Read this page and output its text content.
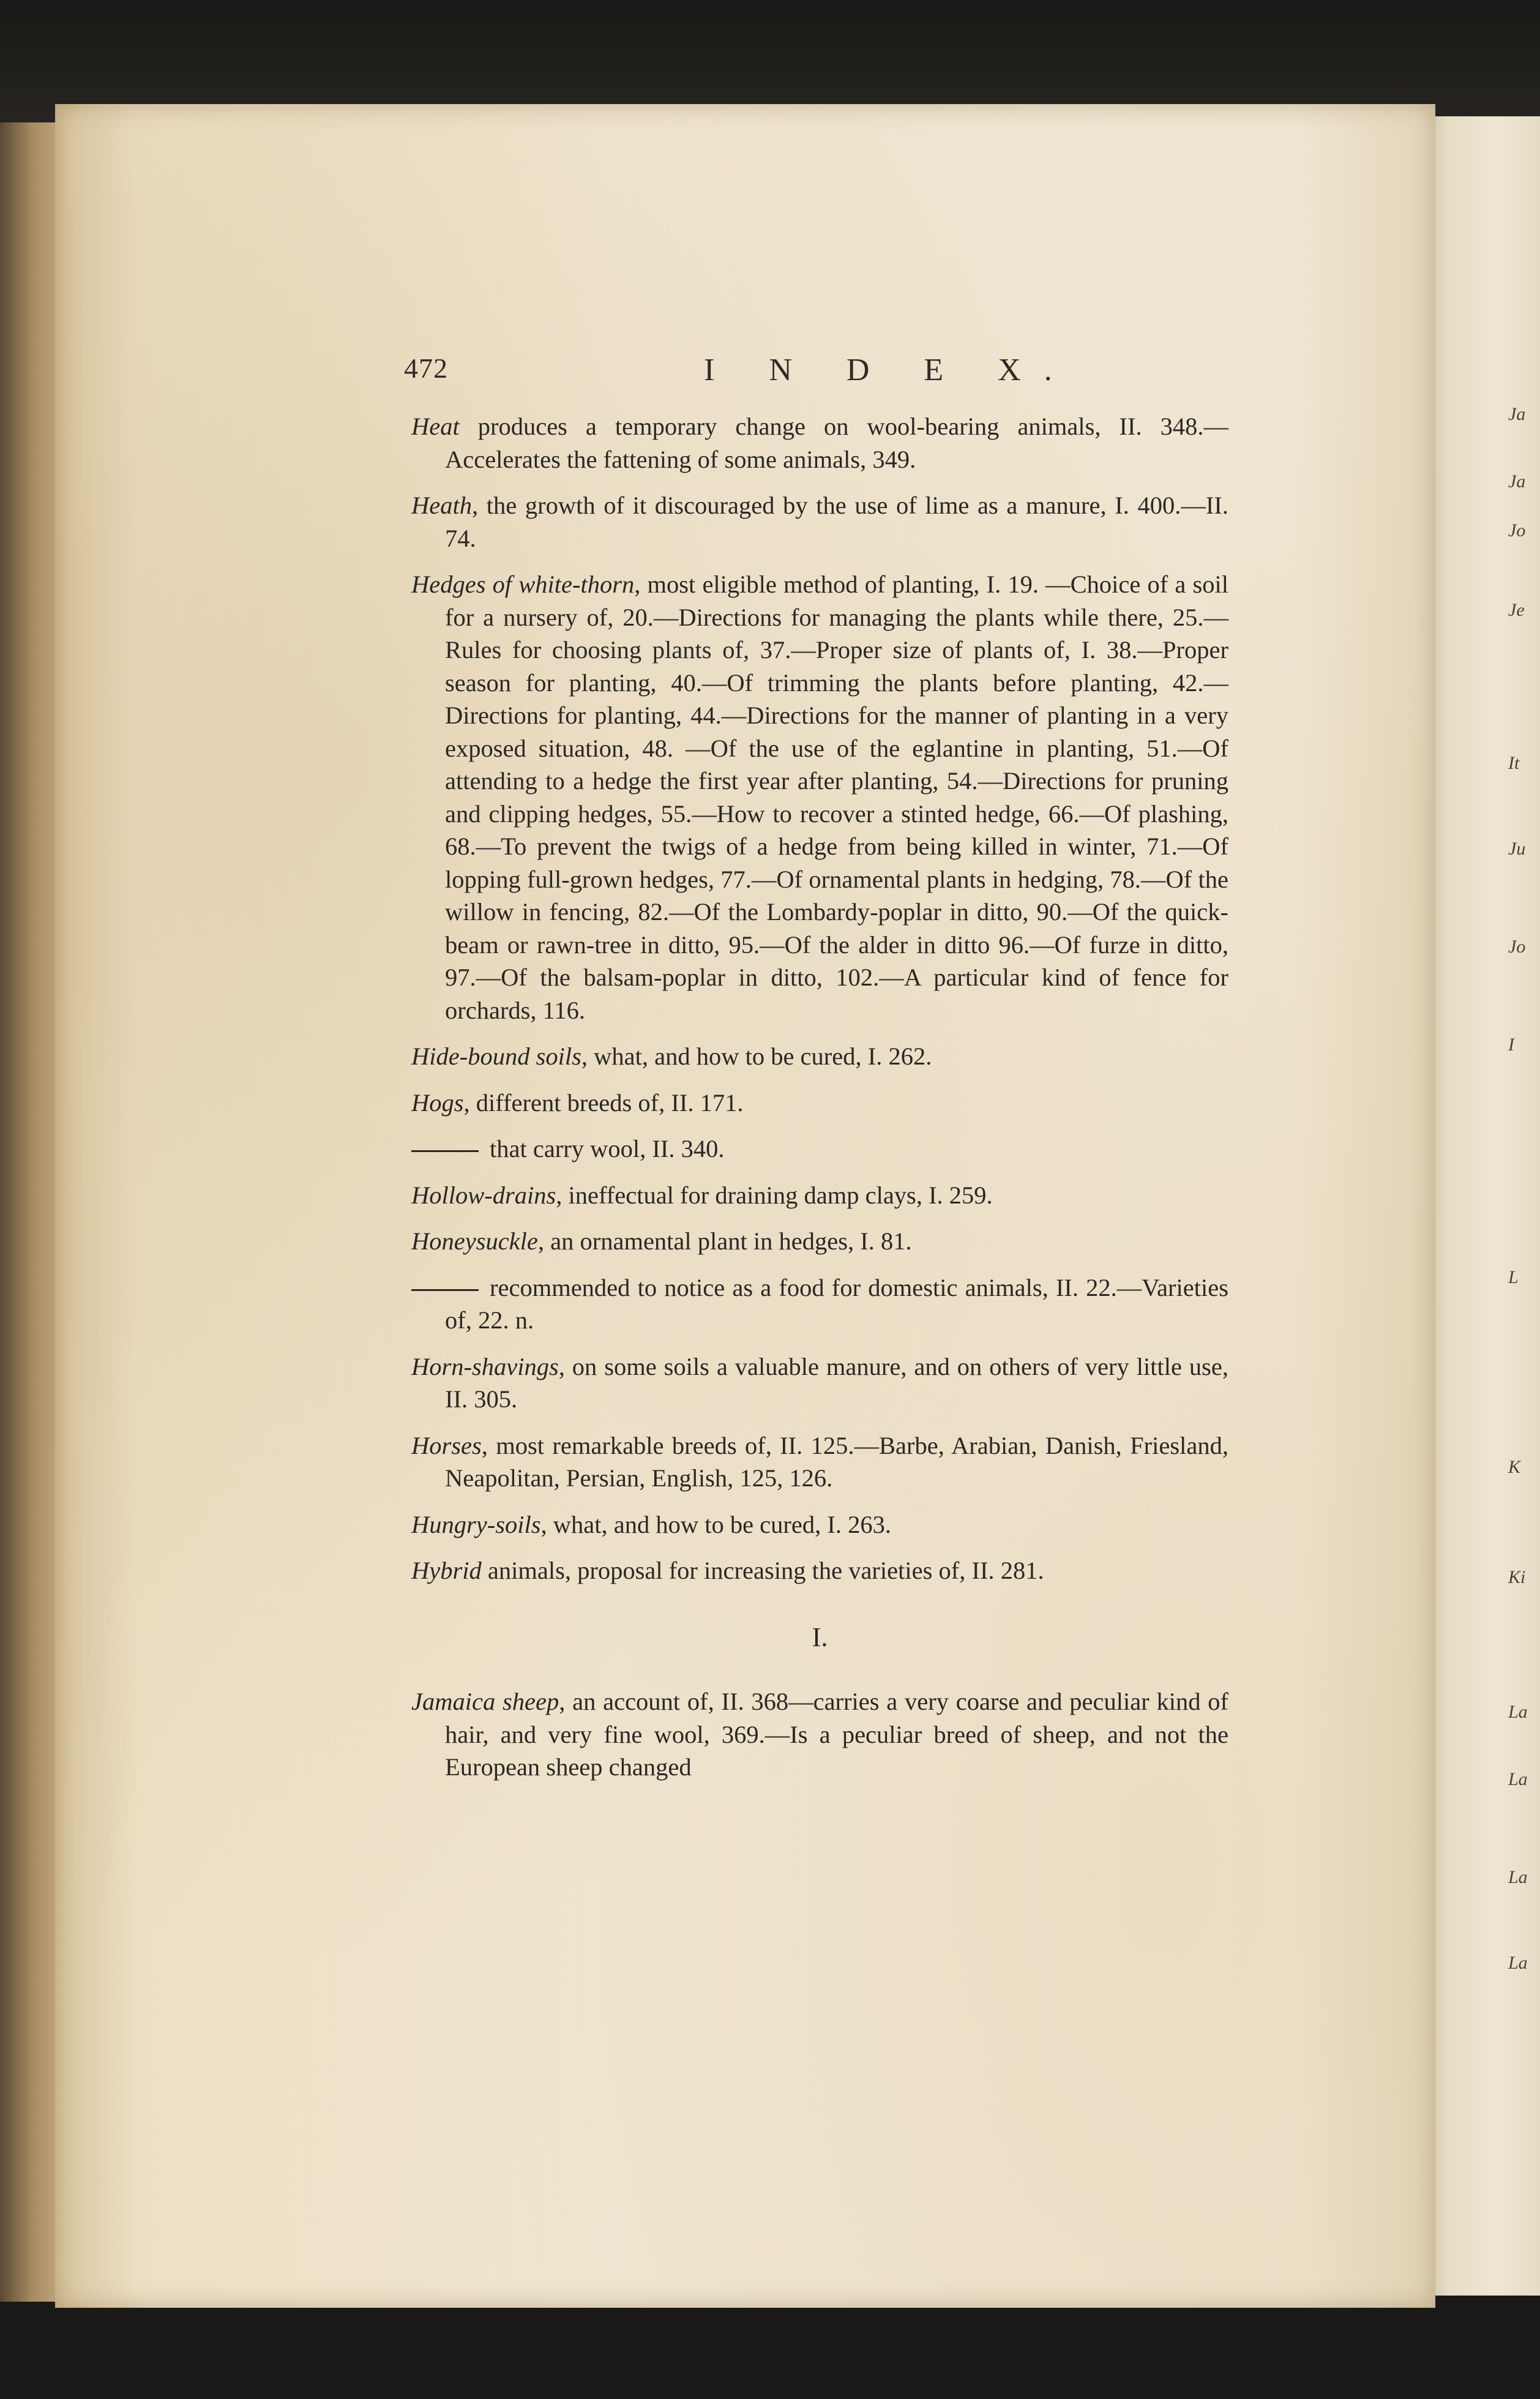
Ja
Ja
Jo
Je
It
Ju
Jo
I
L
K
Ki
La
La
La
La
472	I N D E X.

Heat produces a temporary change on wool-bearing animals, II. 348.—Accelerates the fattening of some animals, 349.

Heath, the growth of it discouraged by the use of lime as a manure, I. 400.—II. 74.

Hedges of white-thorn, most eligible method of planting, I. 19. —Choice of a soil for a nursery of, 20.—Directions for managing the plants while there, 25.—Rules for choosing plants of, 37.—Proper size of plants of, I. 38.—Proper season for planting, 40.—Of trimming the plants before planting, 42.—Directions for planting, 44.—Directions for the manner of planting in a very exposed situation, 48. —Of the use of the eglantine in planting, 51.—Of attending to a hedge the first year after planting, 54.—Directions for pruning and clipping hedges, 55.—How to recover a stinted hedge, 66.—Of plashing, 68.—To prevent the twigs of a hedge from being killed in winter, 71.—Of lopping full-grown hedges, 77.—Of ornamental plants in hedging, 78.—Of the willow in fencing, 82.—Of the Lombardy-poplar in ditto, 90.—Of the quick-beam or rawn-tree in ditto, 95.—Of the alder in ditto 96.—Of furze in ditto, 97.—Of the balsam-poplar in ditto, 102.—A particular kind of fence for orchards, 116.

Hide-bound soils, what, and how to be cured, I. 262.

Hogs, different breeds of, II. 171.

that carry wool, II. 340.

Hollow-drains, ineffectual for draining damp clays, I. 259.

Honeysuckle, an ornamental plant in hedges, I. 81.

recommended to notice as a food for domestic animals, II. 22.—Varieties of, 22. n.

Horn-shavings, on some soils a valuable manure, and on others of very little use, II. 305.

Horses, most remarkable breeds of, II. 125.—Barbe, Arabian, Danish, Friesland, Neapolitan, Persian, English, 125, 126.

Hungry-soils, what, and how to be cured, I. 263.

Hybrid animals, proposal for increasing the varieties of, II. 281.

I.

Jamaica sheep, an account of, II. 368—carries a very coarse and peculiar kind of hair, and very fine wool, 369.—Is a peculiar breed of sheep, and not the European sheep changed
